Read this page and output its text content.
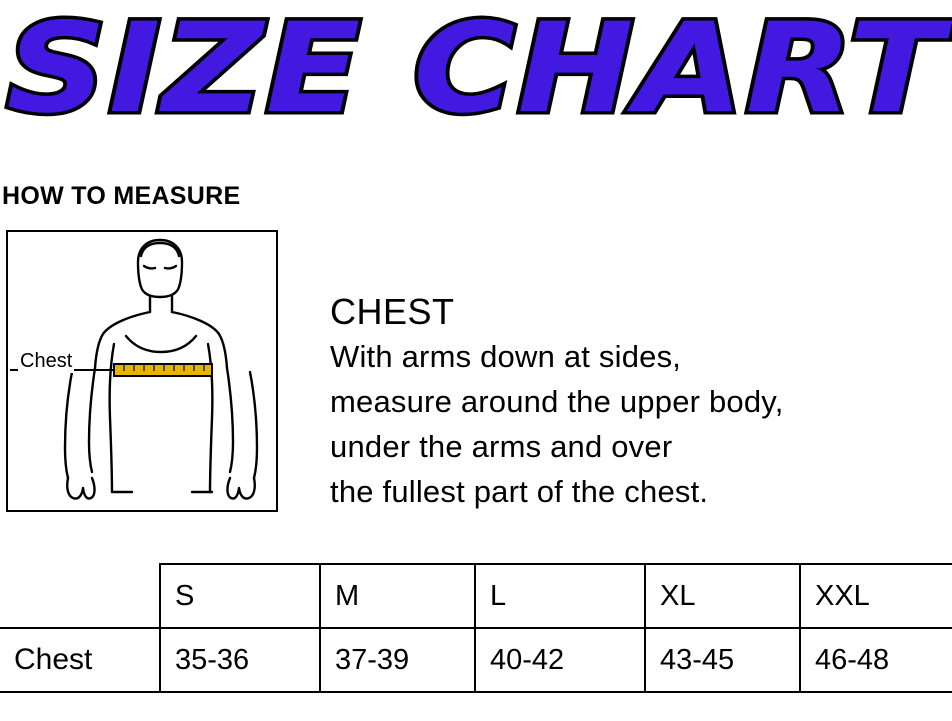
SIZE CHART
HOW TO MEASURE
Chest
CHEST
With arms down at sides,
measure around the upper body,
under the arms and over
the fullest part of the chest.
	S	M	L	XL	XXL
Chest	35-36	37-39	40-42	43-45	46-48
